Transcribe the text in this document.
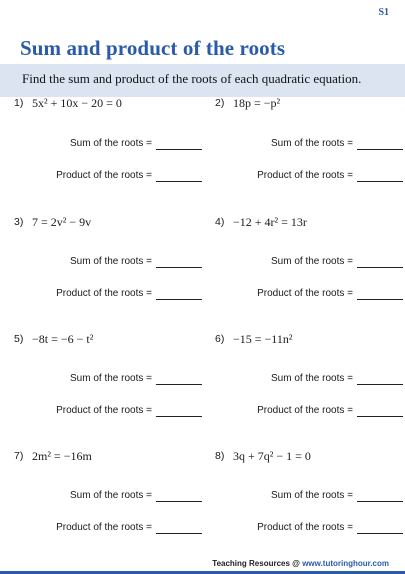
S1
Sum and product of the roots
Find the sum and product of the roots of each quadratic equation.
1) 5x² + 10x − 20 = 0
Sum of the roots =
Product of the roots =
2) 18p = −p²
Sum of the roots =
Product of the roots =
3) 7 = 2v² − 9v
Sum of the roots =
Product of the roots =
4) −12 + 4r² = 13r
Sum of the roots =
Product of the roots =
5) −8t = −6 − t²
Sum of the roots =
Product of the roots =
6) −15 = −11n²
Sum of the roots =
Product of the roots =
7) 2m² = −16m
Sum of the roots =
Product of the roots =
8) 3q + 7q² − 1 = 0
Sum of the roots =
Product of the roots =
Teaching Resources @ www.tutoringhour.com
